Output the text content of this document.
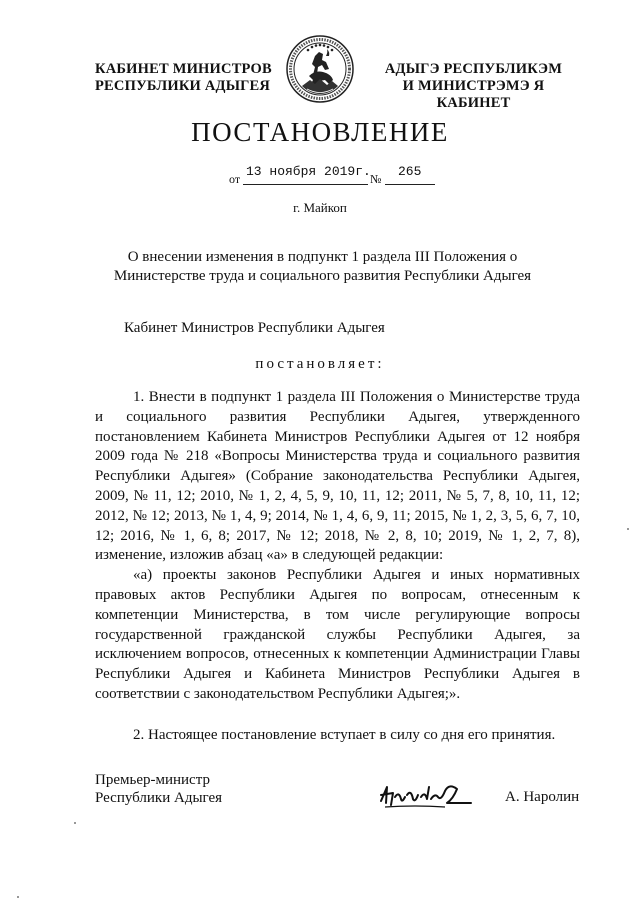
КАБИНЕТ МИНИСТРОВ
РЕСПУБЛИКИ АДЫГЕЯ
АДЫГЭ РЕСПУБЛИКЭМ
И МИНИСТРЭМЭ Я КАБИНЕТ
ПОСТАНОВЛЕНИЕ
от 13 ноября 2019г. № 265
г. Майкоп
О внесении изменения в подпункт 1 раздела III Положения о
Министерстве труда и социального развития Республики Адыгея
Кабинет Министров Республики Адыгея
постановляет:

1. Внести в подпункт 1 раздела III Положения о Министерстве труда и социального развития Республики Адыгея, утвержденного постановлением Кабинета Министров Республики Адыгея от 12 ноября 2009 года № 218 «Вопросы Министерства труда и социального развития Республики Адыгея» (Собрание законодательства Республики Адыгея, 2009, № 11, 12; 2010, № 1, 2, 4, 5, 9, 10, 11, 12; 2011, № 5, 7, 8, 10, 11, 12; 2012, № 12; 2013, № 1, 4, 9; 2014, № 1, 4, 6, 9, 11; 2015, № 1, 2, 3, 5, 6, 7, 10, 12; 2016, № 1, 6, 8; 2017, № 12; 2018, № 2, 8, 10; 2019, № 1, 2, 7, 8), изменение, изложив абзац «а» в следующей редакции:

«а) проекты законов Республики Адыгея и иных нормативных правовых актов Республики Адыгея по вопросам, отнесенным к компетенции Министерства, в том числе регулирующие вопросы государственной гражданской службы Республики Адыгея, за исключением вопросов, отнесенных к компетенции Администрации Главы Республики Адыгея и Кабинета Министров Республики Адыгея в соответствии с законодательством Республики Адыгея;».

2. Настоящее постановление вступает в силу со дня его принятия.

Премьер-министр
Республики Адыгея	А. Наролин
